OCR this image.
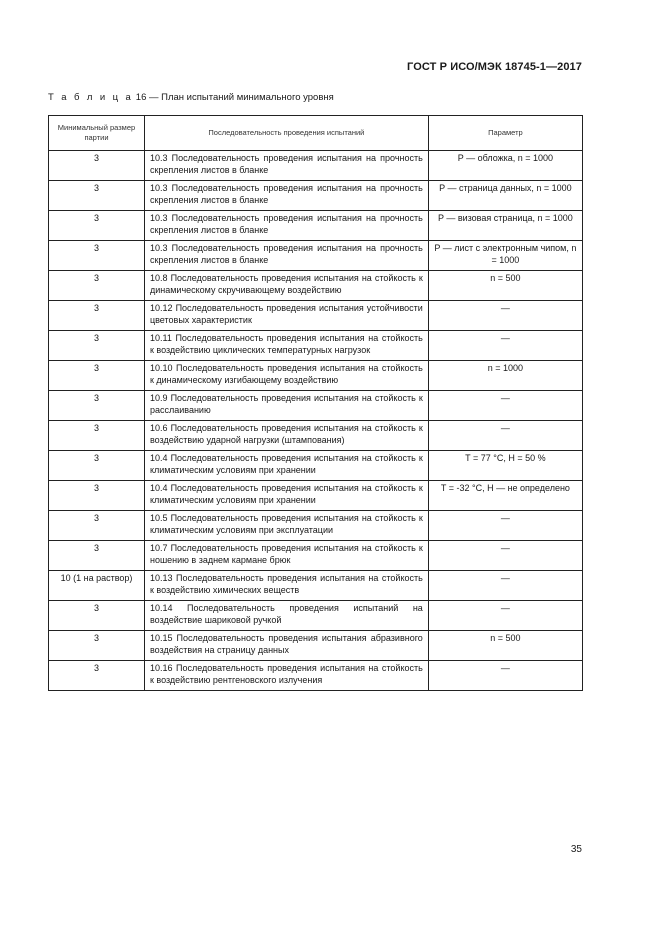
ГОСТ Р ИСО/МЭК 18745-1—2017
Т а б л и ц а 16 — План испытаний минимального уровня
Минимальный размер партии	Последовательность проведения испытаний	Параметр
3	10.3 Последовательность проведения испытания на прочность скрепления листов в бланке	P — обложка, n = 1000
3	10.3 Последовательность проведения испытания на прочность скрепления листов в бланке	P — страница данных, n = 1000
3	10.3 Последовательность проведения испытания на прочность скрепления листов в бланке	P — визовая страница, n = 1000
3	10.3 Последовательность проведения испытания на прочность скрепления листов в бланке	P — лист с электронным чипом, n = 1000
3	10.8 Последовательность проведения испытания на стойкость к динамическому скручивающему воздействию	n = 500
3	10.12 Последовательность проведения испытания устойчивости цветовых характеристик	—
3	10.11 Последовательность проведения испытания на стойкость к воздействию циклических температурных нагрузок	—
3	10.10 Последовательность проведения испытания на стойкость к динамическому изгибающему воздействию	n = 1000
3	10.9 Последовательность проведения испытания на стойкость к расслаиванию	—
3	10.6 Последовательность проведения испытания на стойкость к воздействию ударной нагрузки (штампования)	—
3	10.4 Последовательность проведения испытания на стойкость к климатическим условиям при хранении	T = 77 °C, H = 50 %
3	10.4 Последовательность проведения испытания на стойкость к климатическим условиям при хранении	T = -32 °C, H — не определено
3	10.5 Последовательность проведения испытания на стойкость к климатическим условиям при эксплуатации	—
3	10.7 Последовательность проведения испытания на стойкость к ношению в заднем кармане брюк	—
10 (1 на раствор)	10.13 Последовательность проведения испытания на стойкость к воздействию химических веществ	—
3	10.14 Последовательность проведения испытаний на воздействие шариковой ручкой	—
3	10.15 Последовательность проведения испытания абразивного воздействия на страницу данных	n = 500
3	10.16 Последовательность проведения испытания на стойкость к воздействию рентгеновского излучения	—
35
